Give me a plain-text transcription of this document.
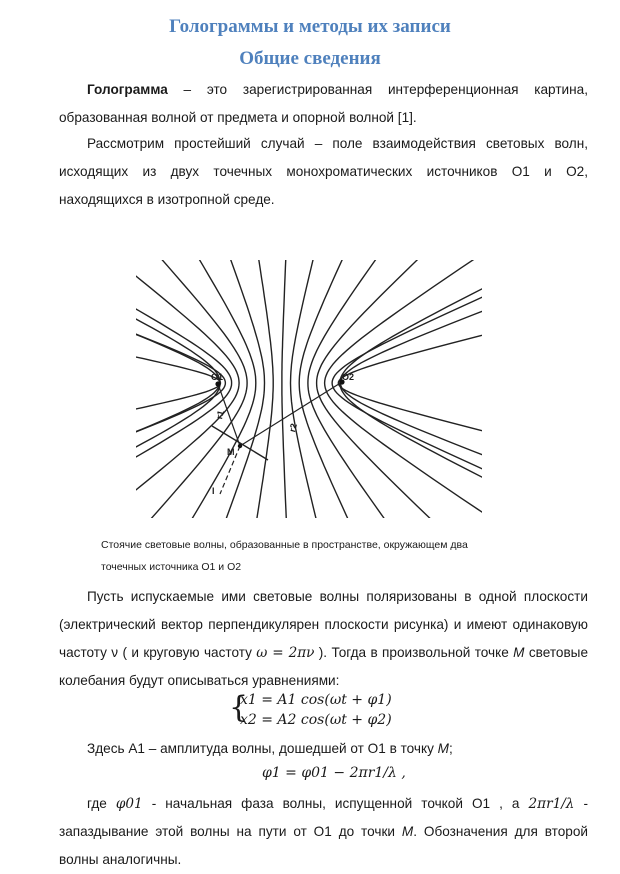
Голограммы и методы их записи
Общие сведения

Голограмма – это зарегистрированная интерференционная картина, образованная волной от предмета и опорной волной [1].

Рассмотрим простейший случай – поле взаимодействия световых волн, исходящих из двух точечных монохроматических источников О1 и О2, находящихся в изотропной среде.

O1	O2
r1
r2
M
I
Стоячие световые волны, образованные в пространстве, окружающем два
точечных источника О1 и О2

Пусть испускаемые ими световые волны поляризованы в одной плоскости (электрический вектор перпендикулярен плоскости рисунка) и имеют одинаковую частоту ν ( и круговую частоту ω = 2πν ). Тогда в произвольной точке M световые колебания будут описываться уравнениями:

{
x1 = A1 cos(ωt + φ1)
x2 = A2 cos(ωt + φ2)

Здесь А1 – амплитуда волны, дошедшей от О1 в точку M;

φ1 = φ01 − 2πr1/λ ,

где φ01 - начальная фаза волны, испущенной точкой О1 , а 2πr1/λ - запаздывание этой волны на пути от О1 до точки M. Обозначения для второй волны аналогичны.
